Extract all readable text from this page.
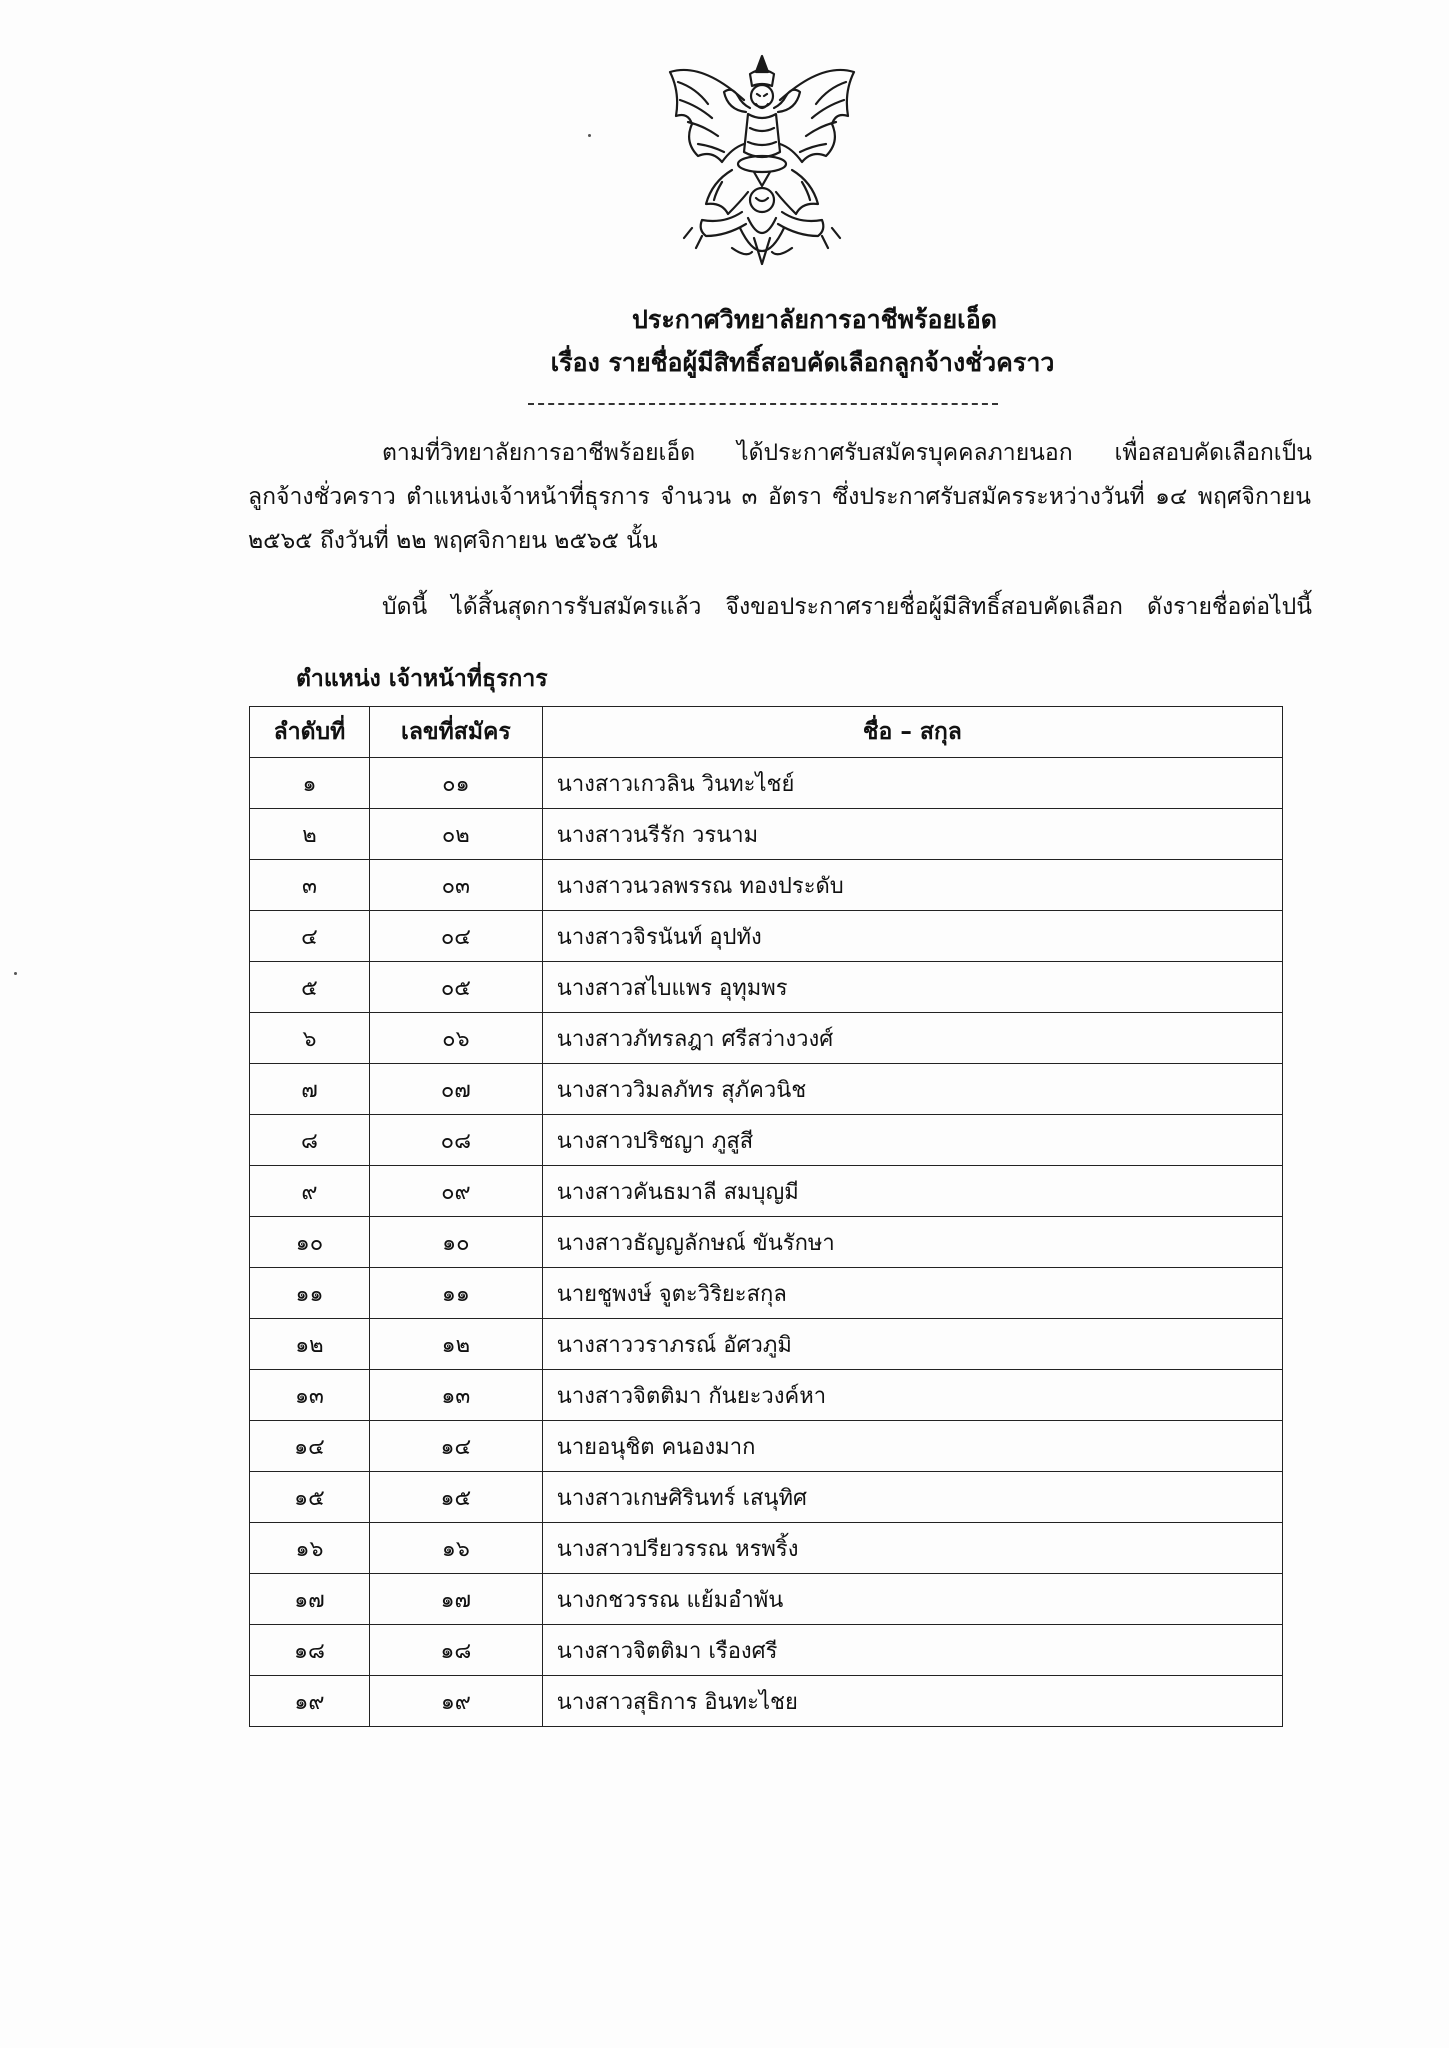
ประกาศวิทยาลัยการอาชีพร้อยเอ็ด
เรื่อง รายชื่อผู้มีสิทธิ์สอบคัดเลือกลูกจ้างชั่วคราว
ตามที่วิทยาลัยการอาชีพร้อยเอ็ด ได้ประกาศรับสมัครบุคคลภายนอก เพื่อสอบคัดเลือกเป็น
ลูกจ้างชั่วคราว ตำแหน่งเจ้าหน้าที่ธุรการ จำนวน ๓ อัตรา ซึ่งประกาศรับสมัครระหว่างวันที่ ๑๔ พฤศจิกายน
๒๕๖๕ ถึงวันที่ ๒๒ พฤศจิกายน ๒๕๖๕ นั้น
บัดนี้ ได้สิ้นสุดการรับสมัครแล้ว จึงขอประกาศรายชื่อผู้มีสิทธิ์สอบคัดเลือก ดังรายชื่อต่อไปนี้
ตำแหน่ง เจ้าหน้าที่ธุรการ
ลำดับที่	เลขที่สมัคร	ชื่อ – สกุล
๑	๐๑	นางสาวเกวลิน วินทะไชย์
๒	๐๒	นางสาวนรีรัก วรนาม
๓	๐๓	นางสาวนวลพรรณ ทองประดับ
๔	๐๔	นางสาวจิรนันท์ อุปทัง
๕	๐๕	นางสาวสไบแพร อุทุมพร
๖	๐๖	นางสาวภัทรลฎา ศรีสว่างวงศ์
๗	๐๗	นางสาววิมลภัทร สุภัควนิช
๘	๐๘	นางสาวปริชญา ภูสูสี
๙	๐๙	นางสาวคันธมาลี สมบุญมี
๑๐	๑๐	นางสาวธัญญลักษณ์ ขันรักษา
๑๑	๑๑	นายชูพงษ์ จูตะวิริยะสกุล
๑๒	๑๒	นางสาววราภรณ์ อัศวภูมิ
๑๓	๑๓	นางสาวจิตติมา กันยะวงค์หา
๑๔	๑๔	นายอนุชิต คนองมาก
๑๕	๑๕	นางสาวเกษศิรินทร์ เสนุทิศ
๑๖	๑๖	นางสาวปรียวรรณ หรพริ้ง
๑๗	๑๗	นางกชวรรณ แย้มอำพัน
๑๘	๑๘	นางสาวจิตติมา เรืองศรี
๑๙	๑๙	นางสาวสุธิการ อินทะไชย
